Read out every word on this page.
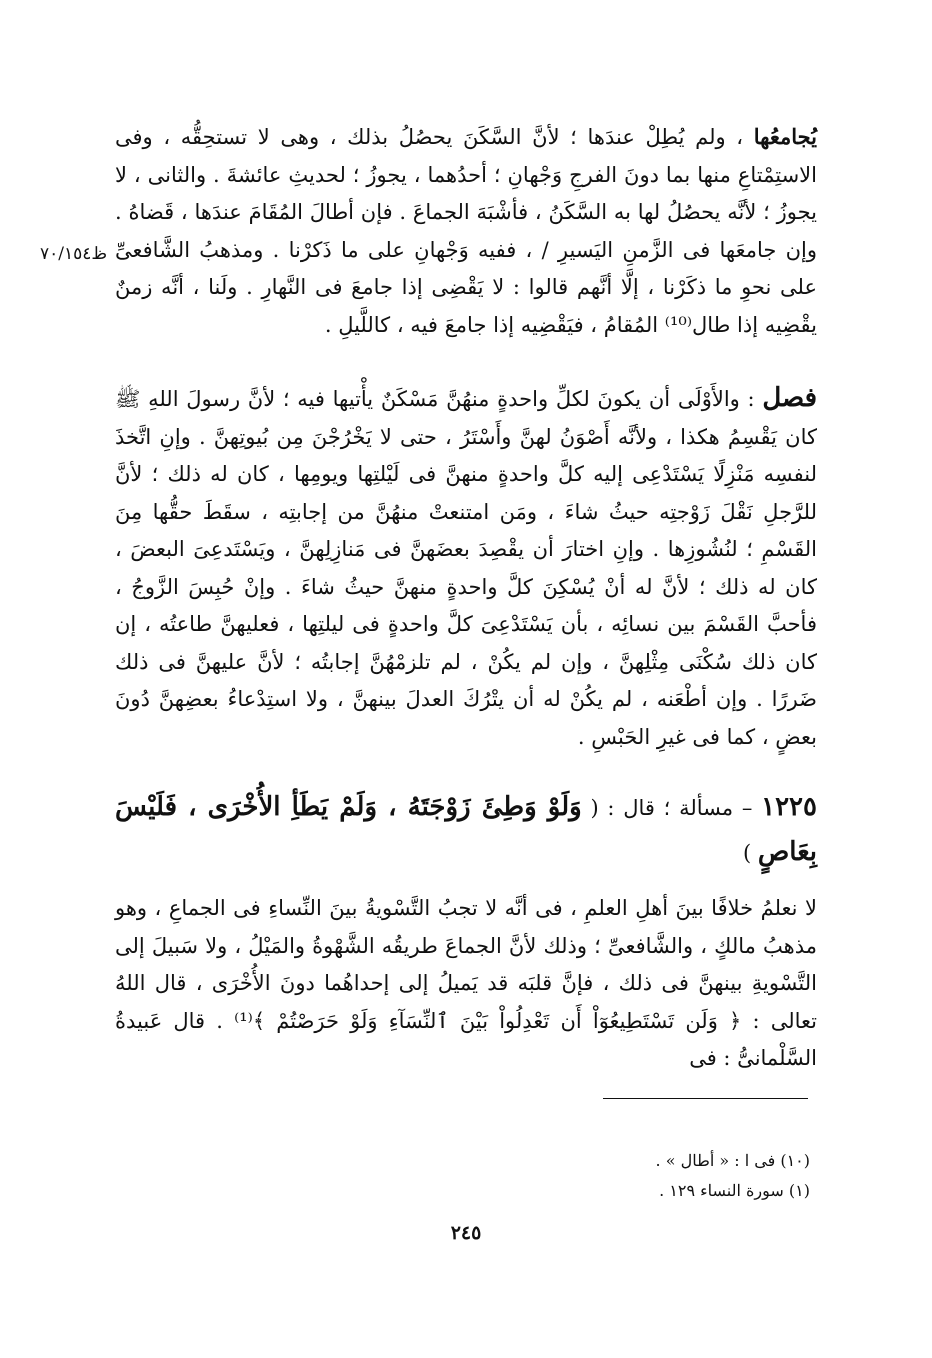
ظ٧٠/١٥٤

يُجامعُها ، ولم يُطِلْ عندَها ؛ لأنَّ السَّكَنَ يحصُلُ بذلك ، وهى لا تستحِقُّه ، وفى الاستِمْتاعِ منها بما دونَ الفرجِ وَجْهانِ ؛ أحدُهما ، يجوزُ ؛ لحديثِ عائشةَ . والثانى ، لا يجوزُ ؛ لأنَّه يحصُلُ لها به السَّكَنُ ، فأشْبَهَ الجماعَ . فإن أطالَ المُقَامَ عندَها ، قَضاهُ . وإن جامعَها فى الزَّمنِ اليَسيرِ / ، ففيه وَجْهانِ على ما ذَكرْنا . ومذهبُ الشَّافعىِّ على نحوِ ما ذكَرْنا ، إلَّا أنَّهم قالوا : لا يَقْضِى إذا جامعَ فى النَّهارِ . ولَنا ، أنَّه زمنٌ يقْضِيه إذا طال⁽¹⁰⁾ المُقامُ ، فيَقْضِيه إذا جامعَ فيه ، كاللَّيلِ .

فصل : والأَوْلَى أن يكونَ لكلِّ واحدةٍ منهُنَّ مَسْكَنٌ يأْتيها فيه ؛ لأنَّ رسولَ اللهِ ﷺ كان يَقْسِمُ هكذا ، ولأنَّه أَصْوَنُ لهنَّ وأَسْتَرُ ، حتى لا يَخْرُجْنَ مِن بُيوتِهنَّ . وإنِ اتَّخذَ لنفسِه مَنْزِلًا يَسْتَدْعِى إليه كلَّ واحدةٍ منهنَّ فى لَيْلتِها ويومِها ، كان له ذلك ؛ لأنَّ للرَّجلِ نَقْلَ زَوْجتِه حيثُ شاءَ ، ومَن امتنعتْ منهُنَّ من إجابتِه ، سقَطَ حقُّها مِنَ القَسْمِ ؛ لنُشُوزِها . وإنِ اختارَ أن يقْصِدَ بعضَهنَّ فى مَنازِلِهنَّ ، ويَسْتَدعِىَ البعضَ ، كان له ذلك ؛ لأنَّ له أنْ يُسْكِنَ كلَّ واحدةٍ منهنَّ حيثُ شاءَ . وإنْ حُبِسَ الزَّوجُ ، فأحبَّ القَسْمَ بين نسائِه ، بأن يَسْتَدْعِىَ كلَّ واحدةٍ فى ليلتِها ، فعليهنَّ طاعتُه ، إن كان ذلك سُكْنَى مِثْلِهنَّ ، وإن لم يكُنْ ، لم تلزمْهُنَّ إجابتُه ؛ لأنَّ عليهنَّ فى ذلك ضَررًا . وإن أطْعَنه ، لم يكُنْ له أن يتْرُكَ العدلَ بينهنَّ ، ولا استِدْعاءُ بعضِهنَّ دُونَ بعضٍ ، كما فى غيرِ الحَبْسِ .

١٢٢٥ – مسألة ؛ قال : ( وَلَوْ وَطِئَ زَوْجَتَهُ ، وَلَمْ يَطَأِ الأُخْرَى ، فَلَيْسَ بِعَاصٍ )

لا نعلمُ خلافًا بينَ أهلِ العلمِ ، فى أنَّه لا تجبُ التَّسْويةُ بينَ النِّساءِ فى الجماعِ ، وهو مذهبُ مالكٍ ، والشَّافعىِّ ؛ وذلك لأنَّ الجماعَ طريقُه الشَّهْوةُ والمَيْلُ ، ولا سَبيلَ إلى التَّسْويةِ بينهنَّ فى ذلك ، فإنَّ قلبَه قد يَميلُ إلى إحداهُما دونَ الأُخْرَى ، قال اللهُ تعالى : ﴿ وَلَن تَسْتَطِيعُوٓاْ أَن تَعْدِلُواْ بَيْنَ ٱلنِّسَآءِ وَلَوْ حَرَصْتُمْ ﴾⁽¹⁾ . قال عَبيدةُ السَّلْمانىُّ : فى

(١٠) فى ا : « أطال » .
(١) سورة النساء ١٢٩ .
٢٤٥
